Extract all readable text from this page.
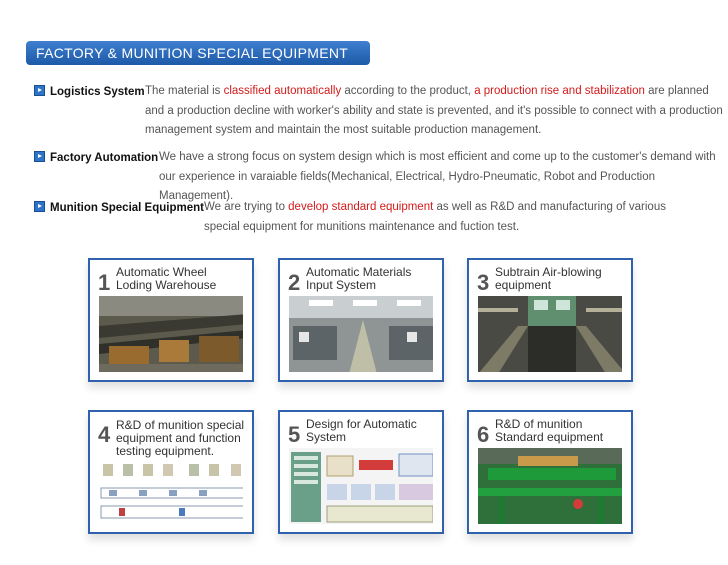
FACTORY & MUNITION SPECIAL EQUIPMENT
Logistics System The material is classified automatically according to the product, a production rise and stabilization are planned and a production decline with worker's ability and state is prevented, and it's possible to connect with a production management system and maintain the most suitable production management.
Factory Automation We have a strong focus on system design which is most efficient and come up to the customer's demand with our experience in varaiable fields(Mechanical, Electrical, Hydro-Pneumatic, Robot and Production Management).
Munition Special Equipment We are trying to develop standard equipment as well as R&D and manufacturing of various special equipment for munitions maintenance and fuction test.
1 Automatic Wheel
Loding Warehouse	2 Automatic Materials
Input System	3 Subtrain Air-blowing
equipment
4 R&D of munition special equipment and function testing equipment.
5 Design for Automatic
System	6 R&D of munition
Standard equipment
